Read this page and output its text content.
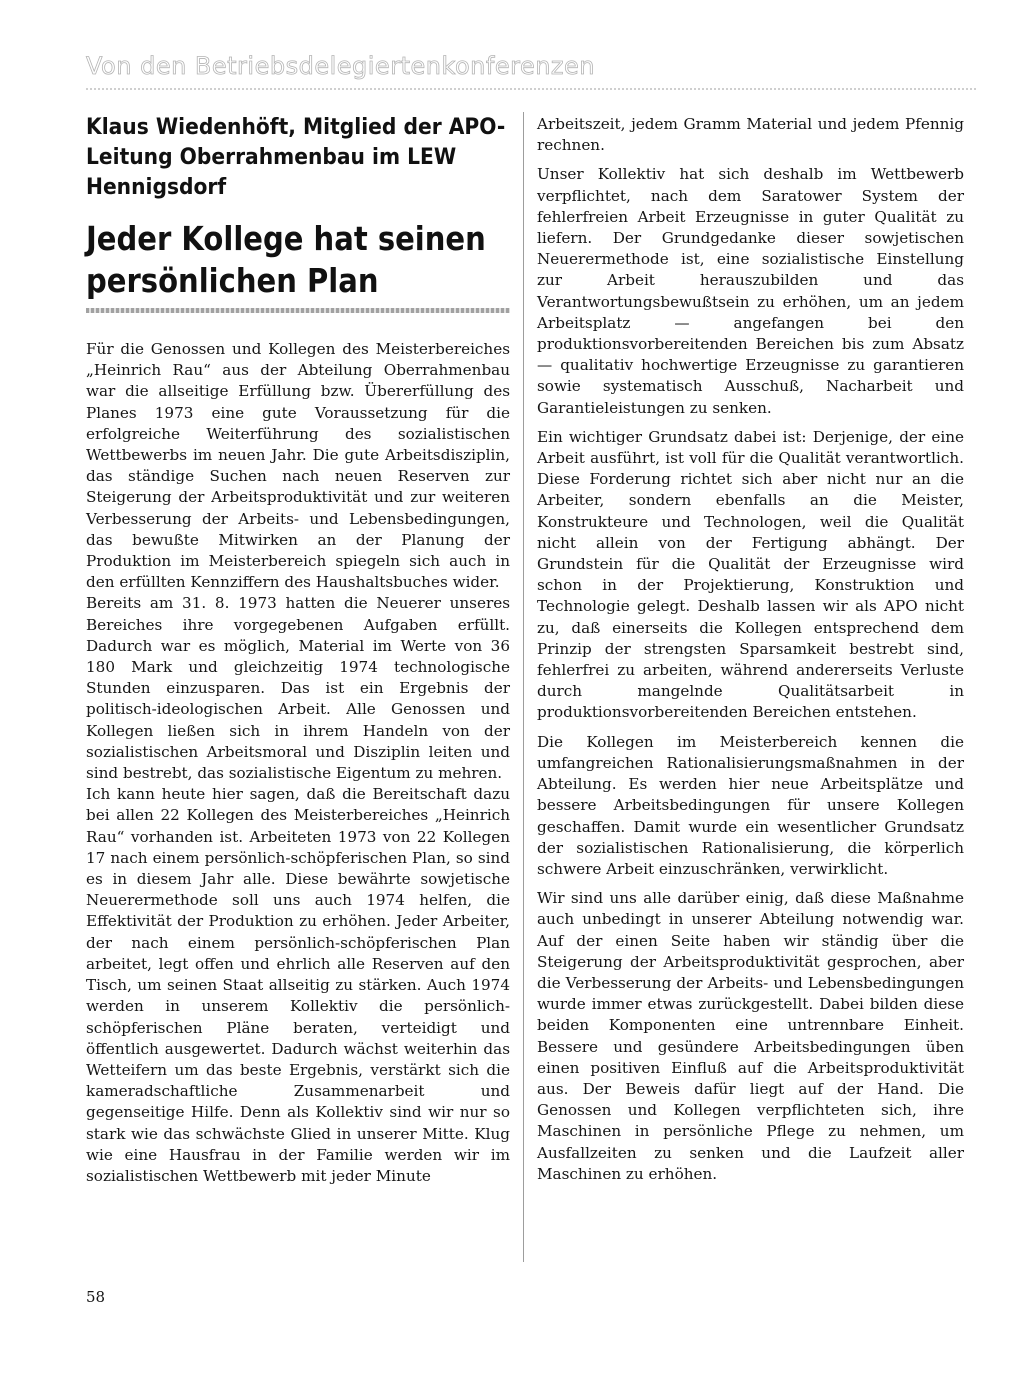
Von den Betriebsdelegiertenkonferenzen
Klaus Wiedenhöft, Mitglied der APO-Leitung Oberrahmenbau im LEW Hennigsdorf
Jeder Kollege hat seinen persönlichen Plan

Für die Genossen und Kollegen des Meisterbereiches „Heinrich Rau“ aus der Abteilung Oberrahmenbau war die allseitige Erfüllung bzw. Übererfüllung des Planes 1973 eine gute Voraussetzung für die erfolgreiche Weiterführung des sozialistischen Wettbewerbs im neuen Jahr. Die gute Arbeitsdisziplin, das ständige Suchen nach neuen Reserven zur Steigerung der Arbeitsproduktivität und zur weiteren Verbesserung der Arbeits- und Lebensbedingungen, das bewußte Mitwirken an der Planung der Produktion im Meisterbereich spiegeln sich auch in den erfüllten Kennziffern des Haushaltsbuches wider.

Bereits am 31. 8. 1973 hatten die Neuerer unseres Bereiches ihre vorgegebenen Aufgaben erfüllt. Dadurch war es möglich, Material im Werte von 36 180 Mark und gleichzeitig 1974 technologische Stunden einzusparen. Das ist ein Ergebnis der politisch-ideologischen Arbeit. Alle Genossen und Kollegen ließen sich in ihrem Handeln von der sozialistischen Arbeitsmoral und Disziplin leiten und sind bestrebt, das sozialistische Eigentum zu mehren.

Ich kann heute hier sagen, daß die Bereitschaft dazu bei allen 22 Kollegen des Meisterbereiches „Heinrich Rau“ vorhanden ist. Arbeiteten 1973 von 22 Kollegen 17 nach einem persönlich-schöpferischen Plan, so sind es in diesem Jahr alle. Diese bewährte sowjetische Neuerermethode soll uns auch 1974 helfen, die Effektivität der Produktion zu erhöhen. Jeder Arbeiter, der nach einem persönlich-schöpferischen Plan arbeitet, legt offen und ehrlich alle Reserven auf den Tisch, um seinen Staat allseitig zu stärken. Auch 1974 werden in unserem Kollektiv die persönlich-schöpferischen Pläne beraten, verteidigt und öffentlich ausgewertet. Dadurch wächst weiterhin das Wetteifern um das beste Ergebnis, verstärkt sich die kameradschaftliche Zusammenarbeit und gegenseitige Hilfe. Denn als Kollektiv sind wir nur so stark wie das schwächste Glied in unserer Mitte. Klug wie eine Hausfrau in der Familie werden wir im sozialistischen Wettbewerb mit jeder Minute

Arbeitszeit, jedem Gramm Material und jedem Pfennig rechnen.

Unser Kollektiv hat sich deshalb im Wettbewerb verpflichtet, nach dem Saratower System der fehlerfreien Arbeit Erzeugnisse in guter Qualität zu liefern. Der Grundgedanke dieser sowjetischen Neuerermethode ist, eine sozialistische Einstellung zur Arbeit herauszubilden und das Verantwortungsbewußtsein zu erhöhen, um an jedem Arbeitsplatz — angefangen bei den produktionsvorbereitenden Bereichen bis zum Absatz — qualitativ hochwertige Erzeugnisse zu garantieren sowie systematisch Ausschuß, Nacharbeit und Garantieleistungen zu senken.

Ein wichtiger Grundsatz dabei ist: Derjenige, der eine Arbeit ausführt, ist voll für die Qualität verantwortlich. Diese Forderung richtet sich aber nicht nur an die Arbeiter, sondern ebenfalls an die Meister, Konstrukteure und Technologen, weil die Qualität nicht allein von der Fertigung abhängt. Der Grundstein für die Qualität der Erzeugnisse wird schon in der Projektierung, Konstruktion und Technologie gelegt. Deshalb lassen wir als APO nicht zu, daß einerseits die Kollegen entsprechend dem Prinzip der strengsten Sparsamkeit bestrebt sind, fehlerfrei zu arbeiten, während andererseits Verluste durch mangelnde Qualitätsarbeit in produktionsvorbereitenden Bereichen entstehen.

Die Kollegen im Meisterbereich kennen die umfangreichen Rationalisierungsmaßnahmen in der Abteilung. Es werden hier neue Arbeitsplätze und bessere Arbeitsbedingungen für unsere Kollegen geschaffen. Damit wurde ein wesentlicher Grundsatz der sozialistischen Rationalisierung, die körperlich schwere Arbeit einzuschränken, verwirklicht.

Wir sind uns alle darüber einig, daß diese Maßnahme auch unbedingt in unserer Abteilung notwendig war. Auf der einen Seite haben wir ständig über die Steigerung der Arbeitsproduktivität gesprochen, aber die Verbesserung der Arbeits- und Lebensbedingungen wurde immer etwas zurückgestellt. Dabei bilden diese beiden Komponenten eine untrennbare Einheit. Bessere und gesündere Arbeitsbedingungen üben einen positiven Einfluß auf die Arbeitsproduktivität aus. Der Beweis dafür liegt auf der Hand. Die Genossen und Kollegen verpflichteten sich, ihre Maschinen in persönliche Pflege zu nehmen, um Ausfallzeiten zu senken und die Laufzeit aller Maschinen zu erhöhen.

58
